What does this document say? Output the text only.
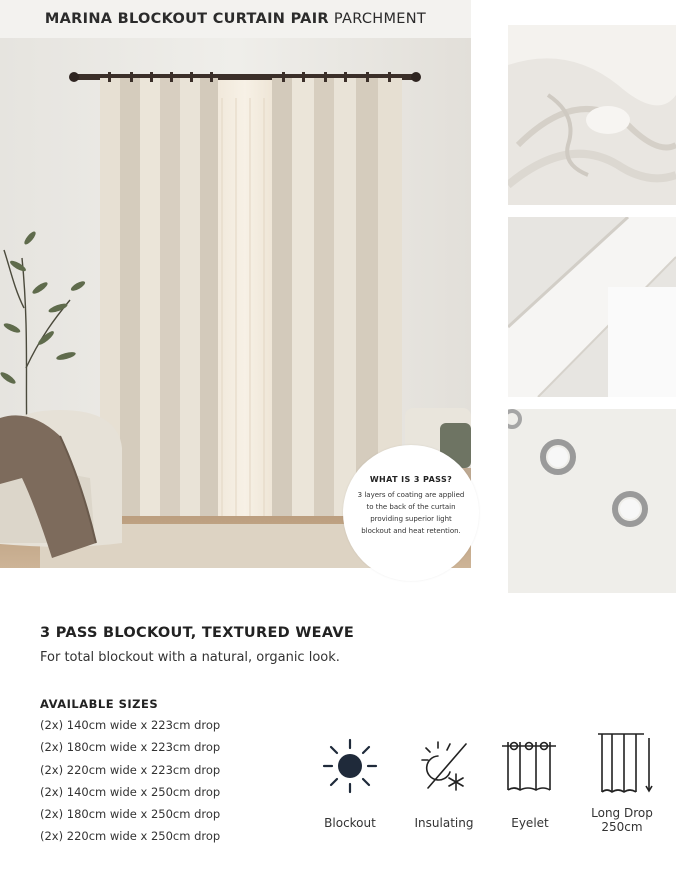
MARINA BLOCKOUT CURTAIN PAIR PARCHMENT
WHAT IS 3 PASS?
3 layers of coating are applied to the back of the curtain providing superior light blockout and heat retention.
3 PASS BLOCKOUT, TEXTURED WEAVE
For total blockout with a natural, organic look.
AVAILABLE SIZES
(2x) 140cm wide x 223cm drop
(2x) 180cm wide x 223cm drop
(2x) 220cm wide x 223cm drop
(2x) 140cm wide x 250cm drop
(2x) 180cm wide x 250cm drop
(2x) 220cm wide x 250cm drop
Blockout	Insulating	Eyelet
Long Drop
250cm
